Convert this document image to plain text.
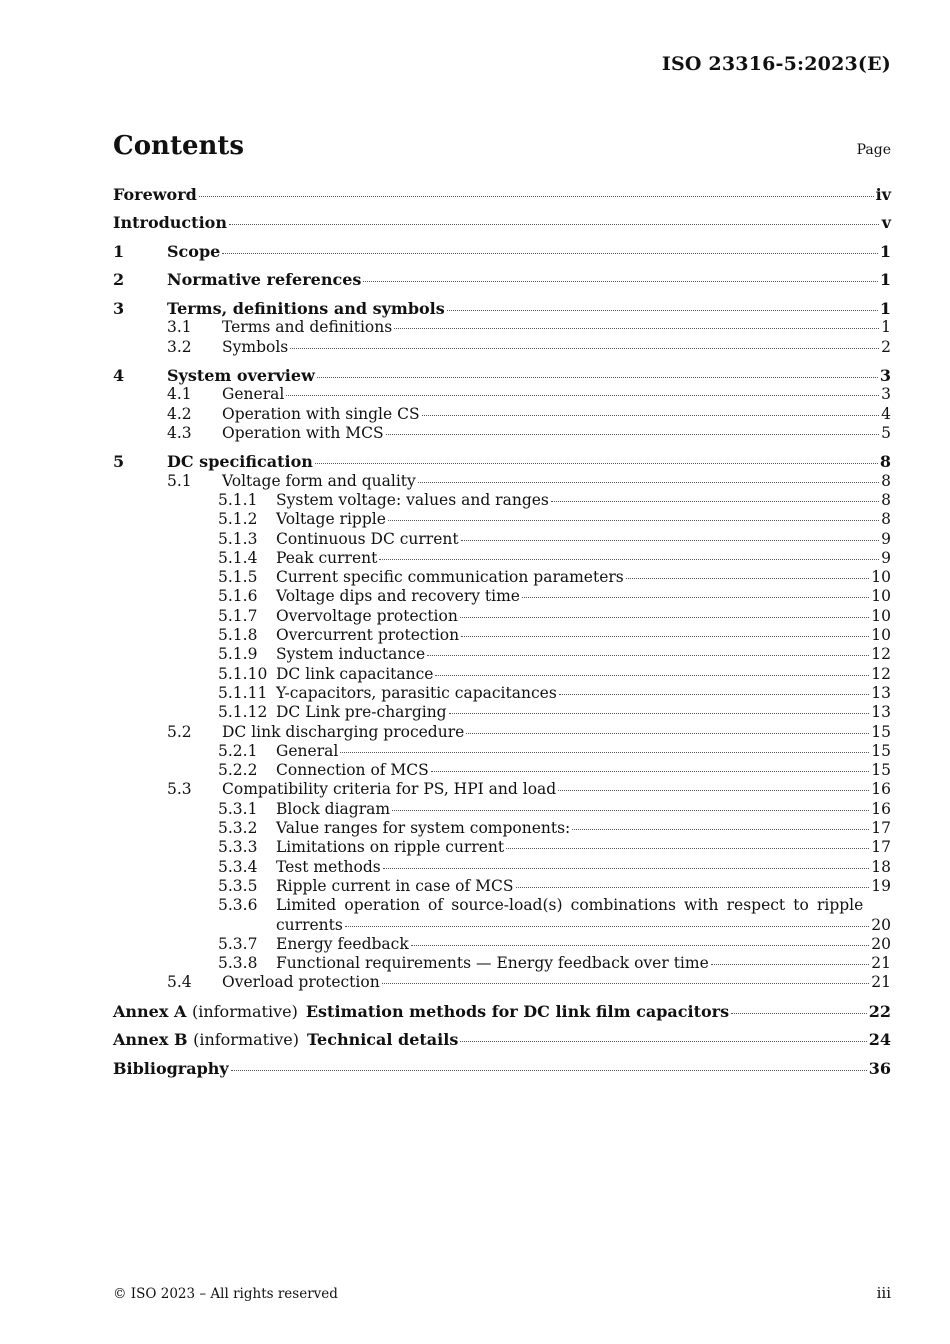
ISO 23316-5:2023(E)
Contents	Page
Foreword	iv
Introduction	v
1	Scope	1
2	Normative references	1
3	Terms, definitions and symbols	1
3.1	Terms and definitions	1
3.2	Symbols	2
4	System overview	3
4.1	General	3
4.2	Operation with single CS	4
4.3	Operation with MCS	5
5	DC specification	8
5.1	Voltage form and quality	8
5.1.1	System voltage: values and ranges	8
5.1.2	Voltage ripple	8
5.1.3	Continuous DC current	9
5.1.4	Peak current	9
5.1.5	Current specific communication parameters	10
5.1.6	Voltage dips and recovery time	10
5.1.7	Overvoltage protection	10
5.1.8	Overcurrent protection	10
5.1.9	System inductance	12
5.1.10 DC link capacitance	12
5.1.11 Y-capacitors, parasitic capacitances	13
5.1.12 DC Link pre-charging	13
5.2	DC link discharging procedure	15
5.2.1	General	15
5.2.2	Connection of MCS	15
5.3	Compatibility criteria for PS, HPI and load	16
5.3.1	Block diagram	16
5.3.2	Value ranges for system components:	17
5.3.3	Limitations on ripple current	17
5.3.4	Test methods	18
5.3.5	Ripple current in case of MCS	19
5.3.6	Limited operation of source-load(s) combinations with respect to ripple
currents	20
5.3.7	Energy feedback	20
5.3.8	Functional requirements — Energy feedback over time	21
5.4	Overload protection	21
Annex A (informative) Estimation methods for DC link film capacitors	22
Annex B (informative) Technical details	24
Bibliography	36
© ISO 2023 – All rights reserved	iii
